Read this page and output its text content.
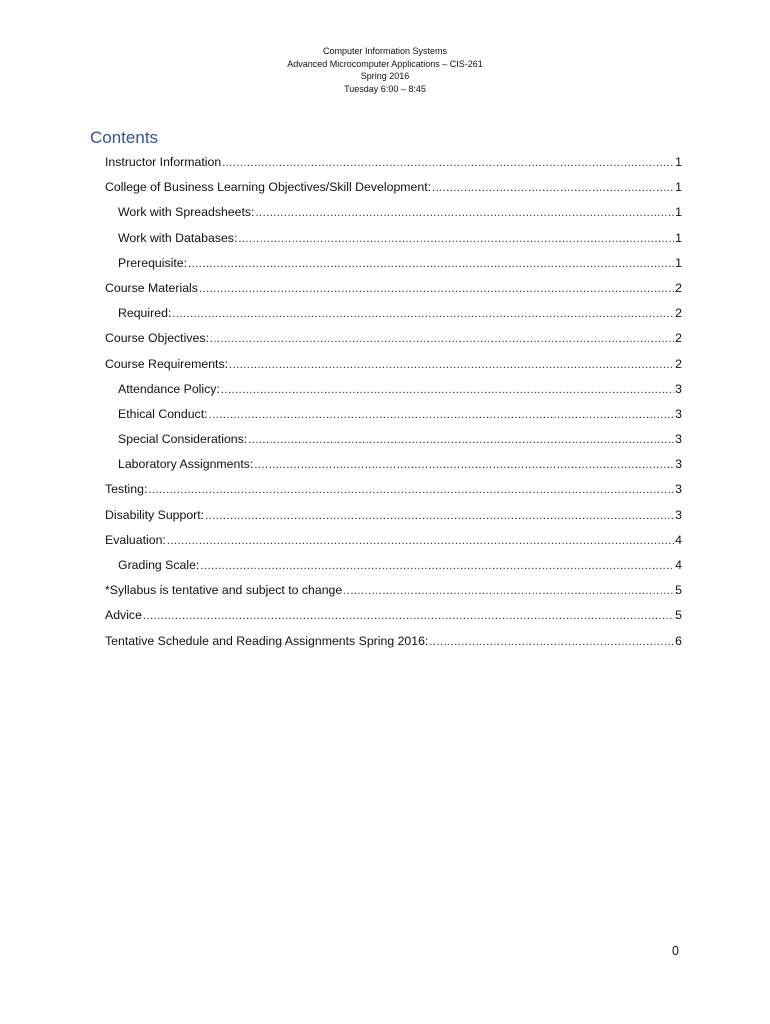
Computer Information Systems
Advanced Microcomputer Applications – CIS-261
Spring 2016
Tuesday 6:00 – 8:45
Contents
Instructor Information .....	1
College of Business Learning Objectives/Skill Development: .....	1
Work with Spreadsheets: .....	1
Work with Databases: .....	1
Prerequisite: .....	1
Course Materials .....	2
Required: .....	2
Course Objectives: .....	2
Course Requirements: .....	2
Attendance Policy: .....	3
Ethical Conduct: .....	3
Special Considerations: .....	3
Laboratory Assignments: .....	3
Testing: .....	3
Disability Support: .....	3
Evaluation: .....	4
Grading Scale: .....	4
*Syllabus is tentative and subject to change .....	5
Advice .....	5
Tentative Schedule and Reading Assignments Spring 2016: .....	6
0
